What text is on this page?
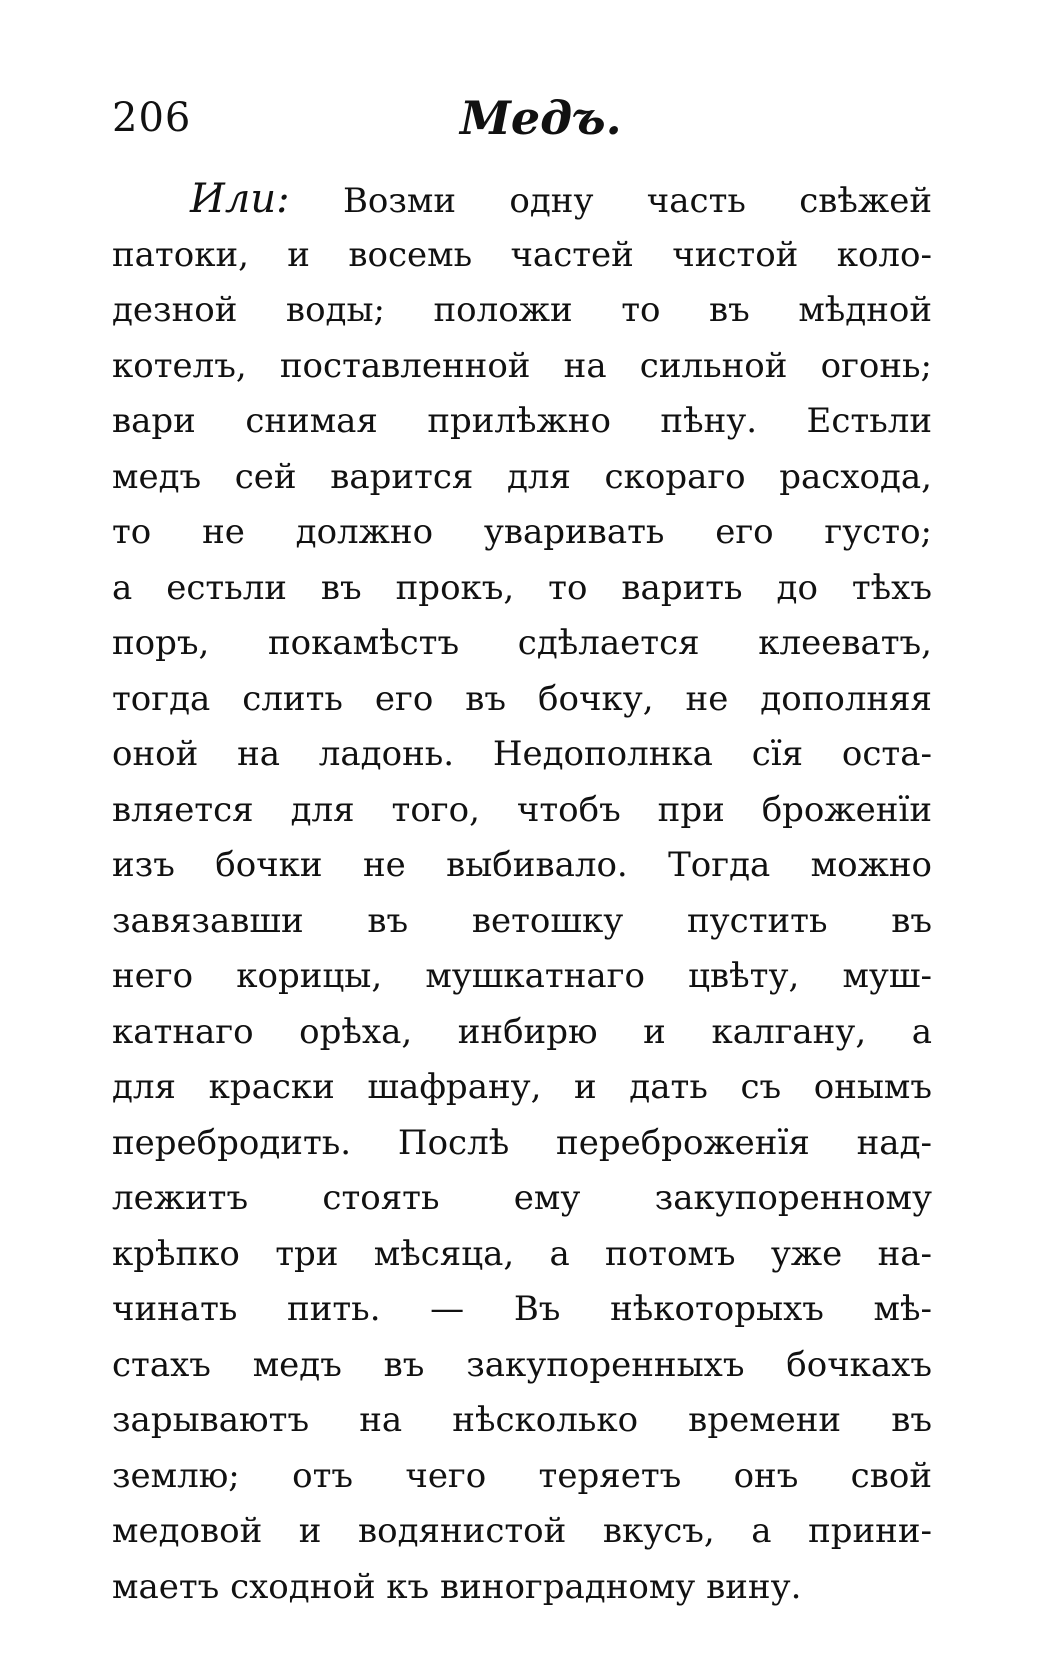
206	Медъ.
Или: Возми одну часть свѣжей
патоки, и восемь частей чистой коло-
дезной воды; положи то въ мѣдной
котелъ, поставленной на сильной огонь;
вари снимая прилѣжно пѣну. Естьли
медъ сей варится для скораго расхода,
то не должно уваривать его густо;
а естьли въ прокъ, то варить до тѣхъ
поръ, покамѣстъ сдѣлается клееватъ,
тогда слить его въ бочку, не дополняя
оной на ладонь. Недополнка сїя оста-
вляется для того, чтобъ при броженїи
изъ бочки не выбивало. Тогда можно
завязавши въ ветошку пустить въ
него корицы, мушкатнаго цвѣту, муш-
катнаго орѣха, инбирю и калгану, а
для краски шафрану, и дать съ онымъ
перебродить. Послѣ переброженїя над-
лежитъ стоять ему закупоренному
крѣпко три мѣсяца, а потомъ уже на-
чинать пить. — Въ нѣкоторыхъ мѣ-
стахъ медъ въ закупоренныхъ бочкахъ
зарываютъ на нѣсколько времени въ
землю; отъ чего теряетъ онъ свой
медовой и водянистой вкусъ, а прини-
маетъ сходной къ виноградному вину.
